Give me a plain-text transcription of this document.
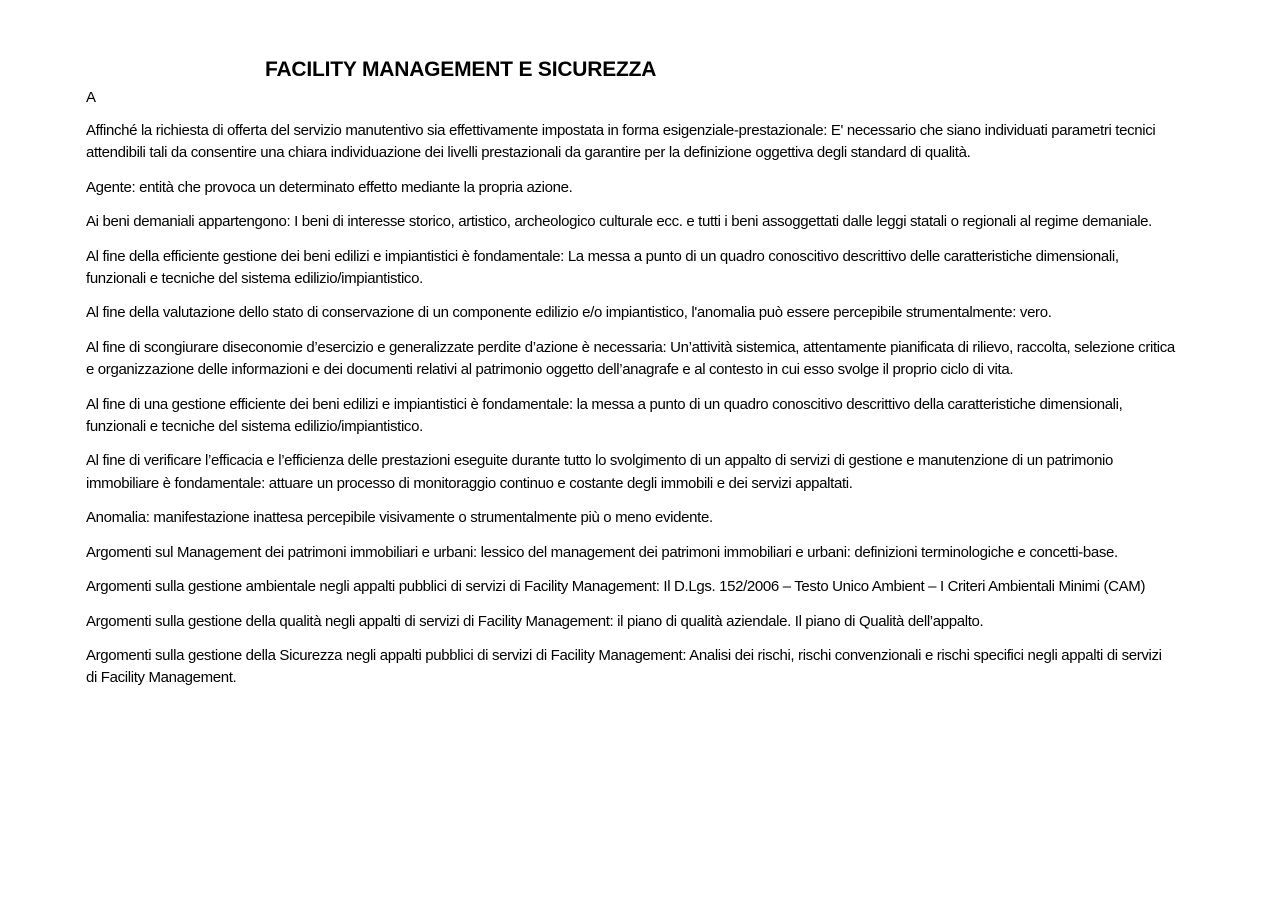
FACILITY MANAGEMENT E SICUREZZA
A
Affinché la richiesta di offerta del servizio manutentivo sia effettivamente impostata in forma esigenziale-prestazionale: E' necessario che siano individuati parametri tecnici attendibili tali da consentire una chiara individuazione dei livelli prestazionali da garantire per la definizione oggettiva degli standard di qualità.
Agente: entità che provoca un determinato effetto mediante la propria azione.
Ai beni demaniali appartengono: I beni di interesse storico, artistico, archeologico culturale ecc. e tutti i beni assoggettati dalle leggi statali o regionali al regime demaniale.
Al fine della efficiente gestione dei beni edilizi e impiantistici è fondamentale: La messa a punto di un quadro conoscitivo descrittivo delle caratteristiche dimensionali, funzionali e tecniche del sistema edilizio/impiantistico.
Al fine della valutazione dello stato di conservazione di un componente edilizio e/o impiantistico, l'anomalia può essere percepibile strumentalmente: vero.
Al fine di scongiurare diseconomie d’esercizio e generalizzate perdite d’azione è necessaria: Un’attività sistemica, attentamente pianificata di rilievo, raccolta, selezione critica e organizzazione delle informazioni e dei documenti relativi al patrimonio oggetto dell’anagrafe e al contesto in cui esso svolge il proprio ciclo di vita.
Al fine di una gestione efficiente dei beni edilizi e impiantistici è fondamentale: la messa a punto di un quadro conoscitivo descrittivo della caratteristiche dimensionali, funzionali e tecniche del sistema edilizio/impiantistico.
Al fine di verificare l’efficacia e l’efficienza delle prestazioni eseguite durante tutto lo svolgimento di un appalto di servizi di gestione e manutenzione di un patrimonio immobiliare è fondamentale: attuare un processo di monitoraggio continuo e costante degli immobili e dei servizi appaltati.
Anomalia: manifestazione inattesa percepibile visivamente o strumentalmente più o meno evidente.
Argomenti sul Management dei patrimoni immobiliari e urbani: lessico del management dei patrimoni immobiliari e urbani: definizioni terminologiche e concetti-base.
Argomenti sulla gestione ambientale negli appalti pubblici di servizi di Facility Management: Il D.Lgs. 152/2006 – Testo Unico Ambient – I Criteri Ambientali Minimi (CAM)
Argomenti sulla gestione della qualità negli appalti di servizi di Facility Management: il piano di qualità aziendale. Il piano di Qualità dell’appalto.
Argomenti sulla gestione della Sicurezza negli appalti pubblici di servizi di Facility Management: Analisi dei rischi, rischi convenzionali e rischi specifici negli appalti di servizi di Facility Management.
